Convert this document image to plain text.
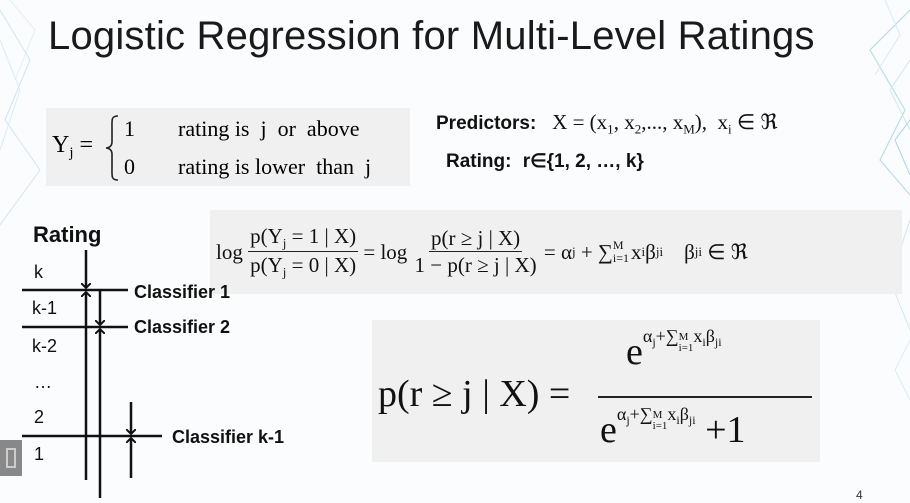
Logistic Regression for Multi-Level Ratings
$Y_j$ =
1 rating is  j  or  above
0 rating is lower  than  j
Predictors: $X = (x_1$, $x_2$,..., $x_M$),  $x_i$ ∈ ℜ
Rating: r∈{1, 2, …, k}
log
$\frac{p(Y_j = 1 | X)}{p(Y_j = 0 | X)}$
= log
$\frac{p(r \ge j | X)}{1 - p(r \ge j | X)}$
= α j + ∑ M
i=1 x i β ji
β ji ∈ ℜ
p(r ≥ j | X) =
$e^{\alpha_j+\sum M i=1 x_i\beta_{ji}}$
$e^{\alpha_j+\sum M i=1 x_i\beta_{ji}} +1$
Rating
k
k-1
k-2
…
2
1
Classifier 1
Classifier 2
Classifier k-1
4
